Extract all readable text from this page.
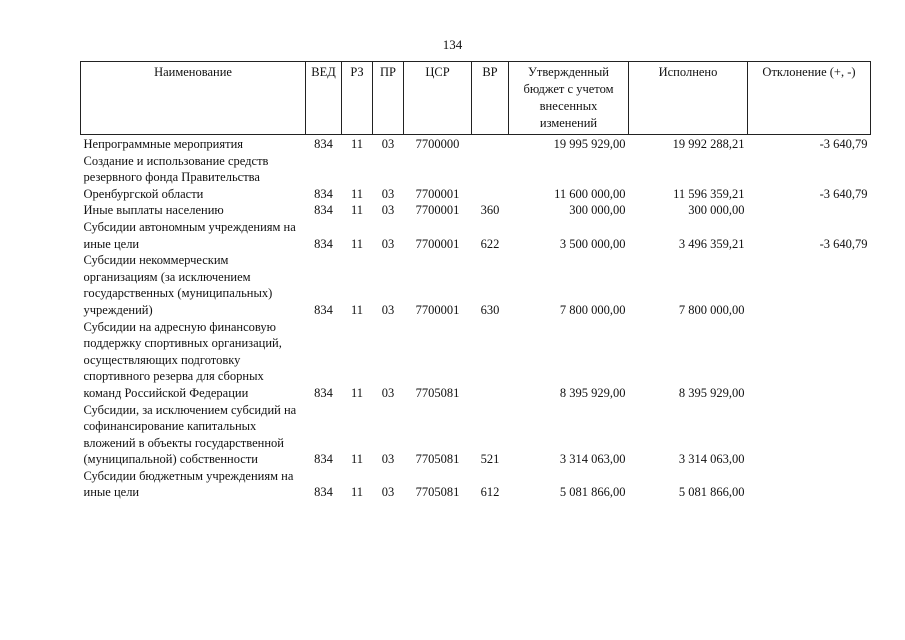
134
Наименование	ВЕД	РЗ	ПР	ЦСР	ВР	Утвержденный бюджет с учетом внесенных изменений	Исполнено	Отклонение (+, -)
Непрограммные мероприятия	834	11	03	7700000		19 995 929,00	19 992 288,21	-3 640,79
Создание и использование средств резервного фонда Правительства Оренбургской области	834	11	03	7700001		11 600 000,00	11 596 359,21	-3 640,79
Иные выплаты населению	834	11	03	7700001	360	300 000,00	300 000,00	
Субсидии автономным учреждениям на иные цели	834	11	03	7700001	622	3 500 000,00	3 496 359,21	-3 640,79
Субсидии некоммерческим организациям (за исключением государственных (муниципальных) учреждений)	834	11	03	7700001	630	7 800 000,00	7 800 000,00	
Субсидии на адресную финансовую поддержку спортивных организаций, осуществляющих подготовку спортивного резерва для сборных команд Российской Федерации	834	11	03	7705081		8 395 929,00	8 395 929,00	
Субсидии, за исключением субсидий на софинансирование капитальных вложений в объекты государственной (муниципальной) собственности	834	11	03	7705081	521	3 314 063,00	3 314 063,00	
Субсидии бюджетным учреждениям на иные цели	834	11	03	7705081	612	5 081 866,00	5 081 866,00	
